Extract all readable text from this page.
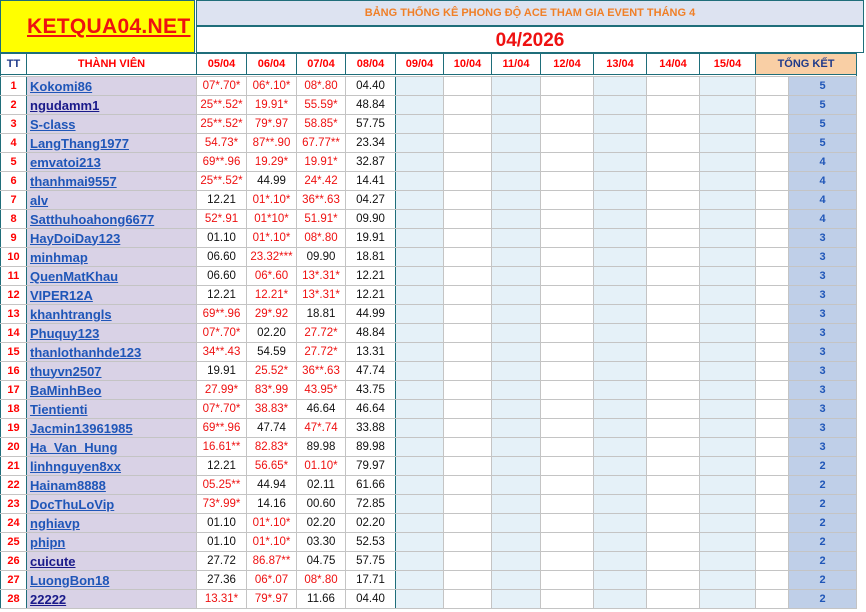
KETQUA04.NET
BẢNG THỐNG KÊ PHONG ĐỘ ACE THAM GIA EVENT THÁNG 4
04/2026
TT	THÀNH VIÊN	05/04	06/04	07/04	08/04	09/04	10/04	11/04	12/04	13/04	14/04	15/04	TỔNG KẾT	

1	Kokomi86	07*.70*	06*.10*	08*.80	04.40									5
2	ngudamm1	25**.52*	19.91*	55.59*	48.84									5
3	S-class	25**.52*	79*.97	58.85*	57.75									5
4	LangThang1977	54.73*	87**.90	67.77**	23.34									5
5	emvatoi213	69**.96	19.29*	19.91*	32.87									4
6	thanhmai9557	25**.52*	44.99	24*.42	14.41									4
7	alv	12.21	01*.10*	36**.63	04.27									4
8	Satthuhoahong6677	52*.91	01*10*	51.91*	09.90									4
9	HayDoiDay123	01.10	01*.10*	08*.80	19.91									3
10	minhmap	06.60	23.32***	09.90	18.81									3
11	QuenMatKhau	06.60	06*.60	13*.31*	12.21									3
12	VIPER12A	12.21	12.21*	13*.31*	12.21									3
13	khanhtrangls	69**.96	29*.92	18.81	44.99									3
14	Phuquy123	07*.70*	02.20	27.72*	48.84									3
15	thanlothanhde123	34**.43	54.59	27.72*	13.31									3
16	thuyvn2507	19.91	25.52*	36**.63	47.74									3
17	BaMinhBeo	27.99*	83*.99	43.95*	43.75									3
18	Tientienti	07*.70*	38.83*	46.64	46.64									3
19	Jacmin13961985	69**.96	47.74	47*.74	33.88									3
20	Ha_Van_Hung	16.61**	82.83*	89.98	89.98									3
21	linhnguyen8xx	12.21	56.65*	01.10*	79.97									2
22	Hainam8888	05.25**	44.94	02.11	61.66									2
23	DocThuLoVip	73*.99*	14.16	00.60	72.85									2
24	nghiavp	01.10	01*.10*	02.20	02.20									2
25	phipn	01.10	01*.10*	03.30	52.53									2
26	cuicute	27.72	86.87**	04.75	57.75									2
27	LuongBon18	27.36	06*.07	08*.80	17.71									2
28	22222	13.31*	79*.97	11.66	04.40									2
